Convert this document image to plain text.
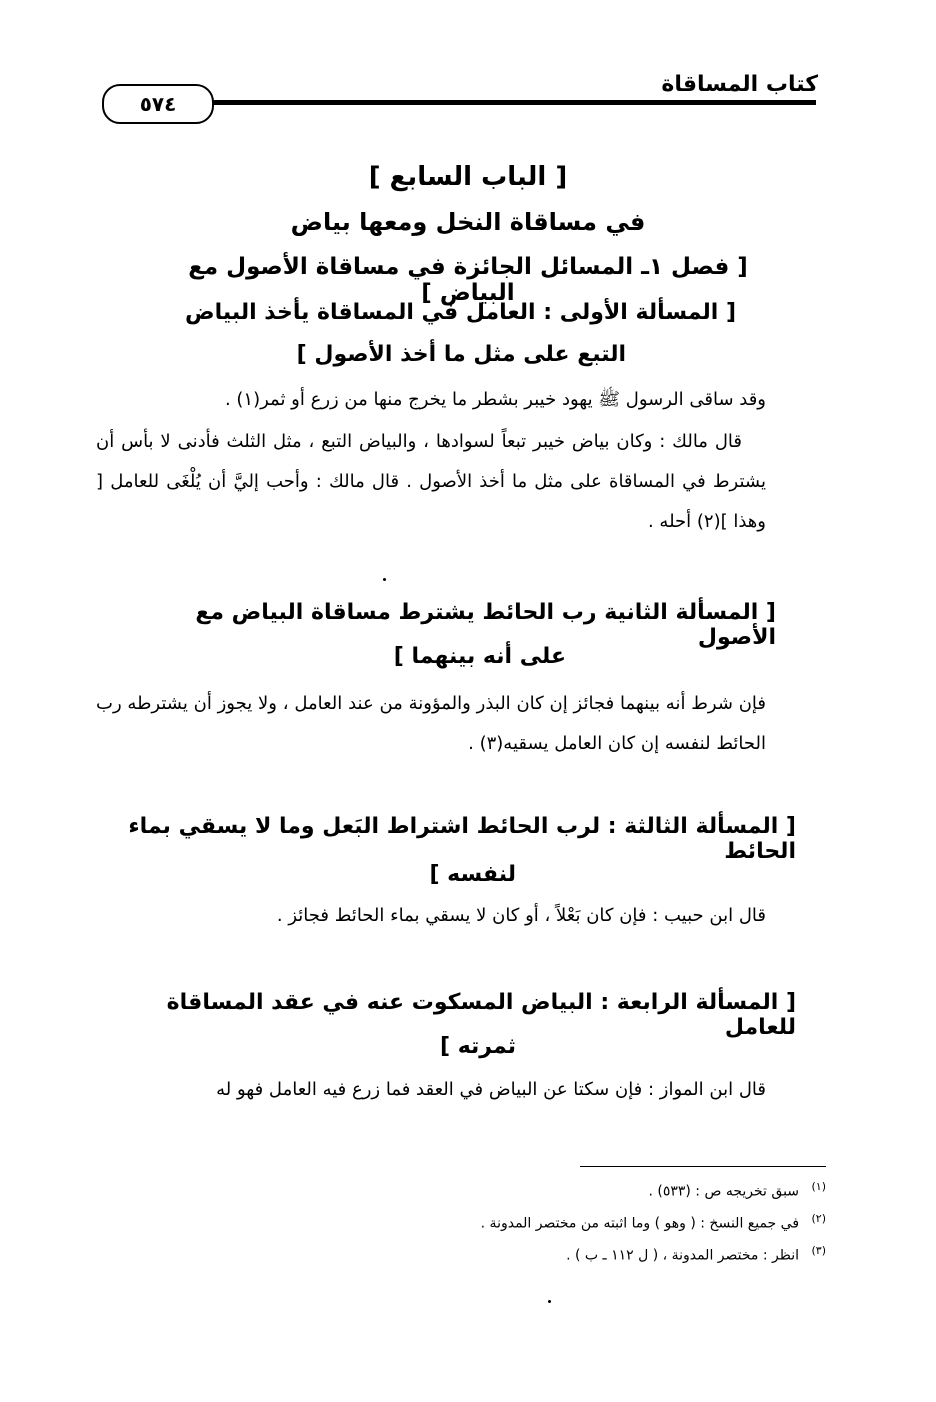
كتاب المساقاة
٥٧٤
[ الباب السابع ]
في مساقاة النخل ومعها بياض
[ فصل ١ـ المسائل الجائزة في مساقاة الأصول مع البياض ]
[ المسألة الأولى : العامل في المساقاة يأخذ البياض
التبع على مثل ما أخذ الأصول ]
وقد ساقى الرسول ﷺ يهود خيبر بشطر ما يخرج منها من زرع أو ثمر(١) .
قال مالك : وكان بياض خيبر تبعاً لسوادها ، والبياض التبع ، مثل الثلث فأدنى لا بأس أن يشترط في المساقاة على مثل ما أخذ الأصول . قال مالك : وأحب إليَّ أن يُلْغَى للعامل [ وهذا ](٢) أحله .
[ المسألة الثانية رب الحائط يشترط مساقاة البياض مع الأصول
على أنه بينهما ]
فإن شرط أنه بينهما فجائز إن كان البذر والمؤونة من عند العامل ، ولا يجوز أن يشترطه رب الحائط لنفسه إن كان العامل يسقيه(٣) .
[ المسألة الثالثة : لرب الحائط اشتراط البَعل وما لا يسقي بماء الحائط
لنفسه ]
قال ابن حبيب : فإن كان بَعْلاً ، أو كان لا يسقي بماء الحائط فجائز .
[ المسألة الرابعة : البياض المسكوت عنه في عقد المساقاة للعامل
ثمرته ]
قال ابن المواز : فإن سكتا عن البياض في العقد فما زرع فيه العامل فهو له
$^{(١)}$ سبق تخريجه ص : (٥٣٣) .
$^{(٢)}$ في جميع النسخ : ( وهو ) وما اثبته من مختصر المدونة .
$^{(٣)}$ انظر : مختصر المدونة ، ( ل ١١٢ ـ ب ) .
